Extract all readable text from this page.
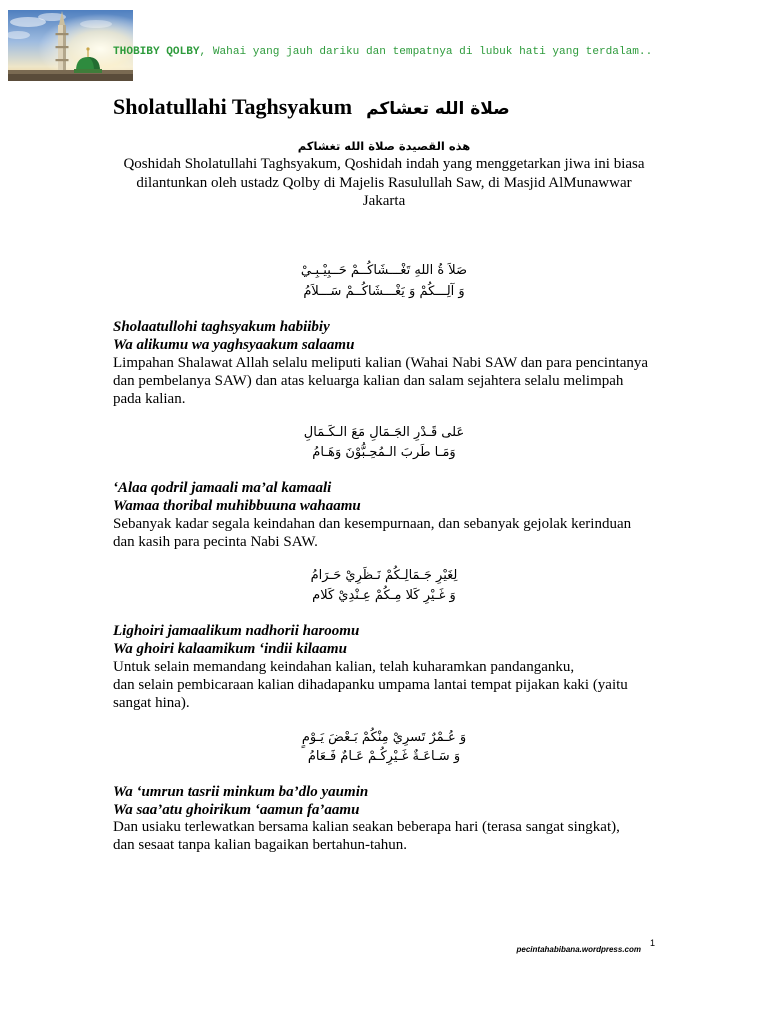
THOBIBY QOLBY, Wahai yang jauh dariku dan tempatnya di lubuk hati yang terdalam..
Sholatullahi Taghsyakum صلاة الله تعشاكم
هذه القصيدة صلاة الله تغشاكم
Qoshidah Sholatullahi Taghsyakum, Qoshidah indah yang menggetarkan jiwa ini biasa
dilantunkan oleh ustadz Qolby di Majelis Rasulullah Saw, di Masjid AlMunawwar
Jakarta
صَلاَ ةُ اللهِ تَغْـــشَاكُــمْ حَــبِيْـبِـيْ
وَ آلِـــكُمْ وَ يَغْـــشَاكُــمْ سَـــلاَمُ
Sholaatullohi taghsyakum habiibiy
Wa alikumu wa yaghsyaakum salaamu
Limpahan Shalawat Allah selalu meliputi kalian (Wahai Nabi SAW dan para pencintanya
dan pembelanya SAW) dan atas keluarga kalian dan salam sejahtera selalu melimpah
pada kalian.
عَلى قَـدْرِ الجَـمَالِ مَعَ الـكَـمَالِ
وَمَـا طَربَ الـمُحِـبُّوْنَ وَهَـامُ
‘Alaa qodril jamaali ma’al kamaali
Wamaa thoribal muhibbuuna wahaamu
Sebanyak kadar segala keindahan dan kesempurnaan, dan sebanyak gejolak kerinduan
dan kasih para pecinta Nabi SAW.
لِغَيْرِ جَـمَالِـكُمْ نَـظَرِيْ حَـرَامُ
وَ غَـيْرِ كَلا مِـكُمْ عِـنْدِيْ كَلام
Lighoiri jamaalikum nadhorii haroomu
Wa ghoiri kalaamikum ‘indii kilaamu
Untuk selain memandang keindahan kalian, telah kuharamkan pandanganku,
dan selain pembicaraan kalian dihadapanku umpama lantai tempat pijakan kaki (yaitu
sangat hina).
وَ عُـمْرٌ تَسرِيْ مِنْكُمْ بَـعْضَ يَـوْمٍ
وَ سَـاعَـةٌ غَـيْرِكُـمْ عَـامٌ فَـعَامُ
Wa ‘umrun tasrii minkum ba’dlo yaumin
Wa saa’atu ghoirikum ‘aamun fa’aamu
Dan usiaku terlewatkan bersama kalian seakan beberapa hari (terasa sangat singkat),
dan sesaat tanpa kalian bagaikan bertahun-tahun.
pecintahabibana.wordpress.com
1
